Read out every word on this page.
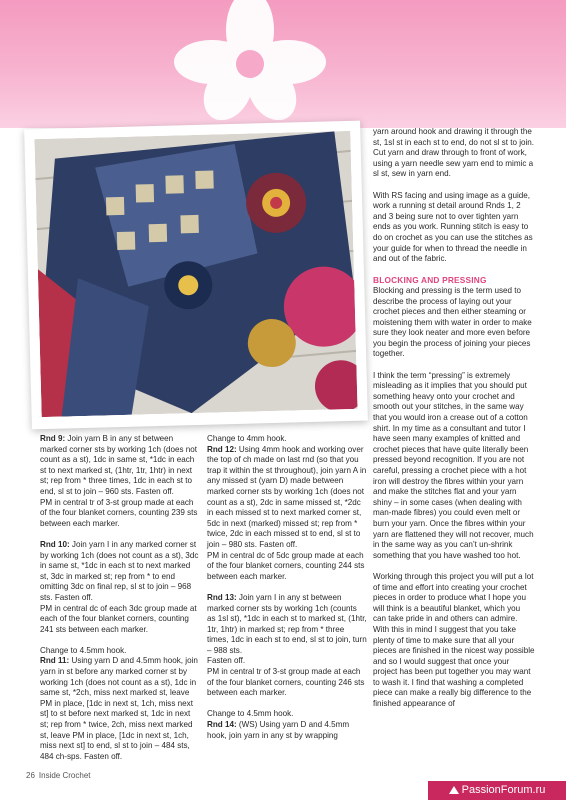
Rnd 9: Join yarn B in any st between marked corner sts by working 1ch (does not count as a st), 1dc in same st, *1dc in each st to next marked st, (1htr, 1tr, 1htr) in next st; rep from * three times, 1dc in each st to end, sl st to join – 960 sts. Fasten off.
PM in central tr of 3-st group made at each of the four blanket corners, counting 239 sts between each marker.

Rnd 10: Join yarn I in any marked corner st by working 1ch (does not count as a st), 3dc in same st, *1dc in each st to next marked st, 3dc in marked st; rep from * to end omitting 3dc on final rep, sl st to join – 968 sts. Fasten off.
PM in central dc of each 3dc group made at each of the four blanket corners, counting 241 sts between each marker.

Change to 4.5mm hook.
Rnd 11: Using yarn D and 4.5mm hook, join yarn in st before any marked corner st by working 1ch (does not count as a st), 1dc in same st, *2ch, miss next marked st, leave PM in place, [1dc in next st, 1ch, miss next st] to st before next marked st, 1dc in next st; rep from * twice, 2ch, miss next marked st, leave PM in place, [1dc in next st, 1ch, miss next st] to end, sl st to join – 484 sts, 484 ch-sps. Fasten off.

Change to 4mm hook.
Rnd 12: Using 4mm hook and working over the top of ch made on last rnd (so that you trap it within the st throughout), join yarn A in any missed st (yarn D) made between marked corner sts by working 1ch (does not count as a st), 2dc in same missed st, *2dc in each missed st to next marked corner st, 5dc in next (marked) missed st; rep from * twice, 2dc in each missed st to end, sl st to join – 980 sts. Fasten off.
PM in central dc of 5dc group made at each of the four blanket corners, counting 244 sts between each marker.

Rnd 13: Join yarn I in any st between marked corner sts by working 1ch (counts as 1sl st), *1dc in each st to marked st, (1htr, 1tr, 1htr) in marked st; rep from * three times, 1dc in each st to end, sl st to join, turn – 988 sts.
Fasten off.
PM in central tr of 3-st group made at each of the four blanket corners, counting 246 sts between each marker.

Change to 4.5mm hook.
Rnd 14: (WS) Using yarn D and 4.5mm hook, join yarn in any st by wrapping

yarn around hook and drawing it through the st, 1sl st in each st to end, do not sl st to join.
Cut yarn and draw through to front of work, using a yarn needle sew yarn end to mimic a sl st, sew in yarn end.

With RS facing and using image as a guide, work a running st detail around Rnds 1, 2 and 3 being sure not to over tighten yarn ends as you work. Running stitch is easy to do on crochet as you can use the stitches as your guide for when to thread the needle in and out of the fabric.

BLOCKING AND PRESSING

Blocking and pressing is the term used to describe the process of laying out your crochet pieces and then either steaming or moistening them with water in order to make sure they look neater and more even before you begin the process of joining your pieces together.

I think the term “pressing” is extremely misleading as it implies that you should put something heavy onto your crochet and smooth out your stitches, in the same way that you would iron a crease out of a cotton shirt. In my time as a consultant and tutor I have seen many examples of knitted and crochet pieces that have quite literally been pressed beyond recognition. If you are not careful, pressing a crochet piece with a hot iron will destroy the fibres within your yarn and make the stitches flat and your yarn shiny – in some cases (when dealing with man-made fibres) you could even melt or burn your yarn. Once the fibres within your yarn are flattened they will not recover, much in the same way as you can’t un-shrink something that you have washed too hot.

Working through this project you will put a lot of time and effort into creating your crochet pieces in order to produce what I hope you will think is a beautiful blanket, which you can take pride in and others can admire. With this in mind I suggest that you take plenty of time to make sure that all your pieces are finished in the nicest way possible and so I would suggest that once your project has been put together you may want to wash it. I find that washing a completed piece can make a really big difference to the finished appearance of

26 Inside Crochet
PassionForum.ru
